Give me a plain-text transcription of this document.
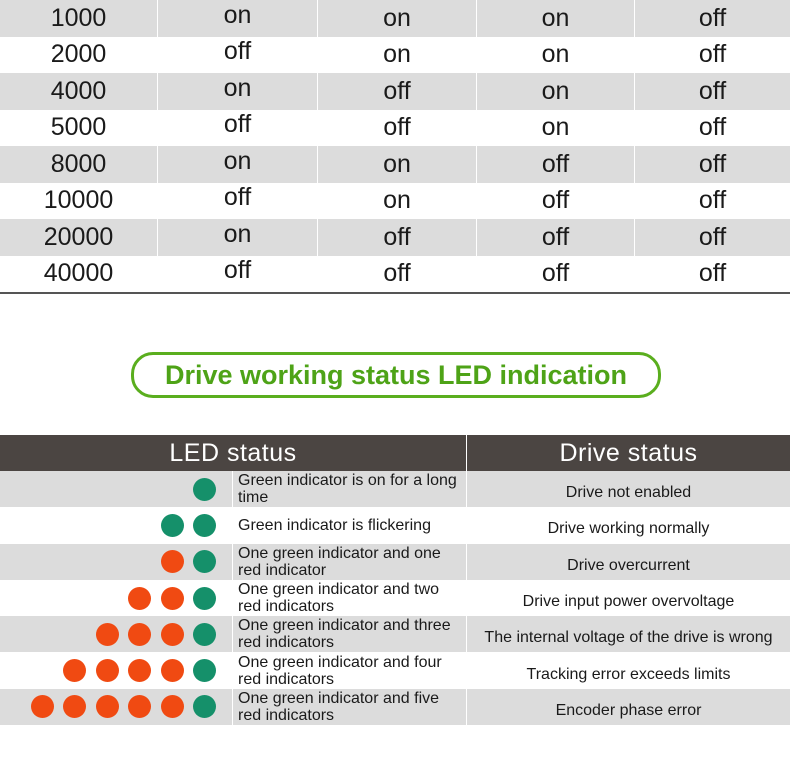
1000	on	on	on	off
2000	off	on	on	off
4000	on	off	on	off
5000	off	off	on	off
8000	on	on	off	off
10000	off	on	off	off
20000	on	off	off	off
40000	off	off	off	off
Drive working status LED indication
LED status	Drive status
Green indicator is on for a long time	Drive not enabled
Green indicator is flickering	Drive working normally
One green indicator and one red indicator	Drive overcurrent
One green indicator and two red indicators	Drive input power overvoltage
One green indicator and three red indicators	The internal voltage of the drive is wrong
One green indicator and four red indicators	Tracking error exceeds limits
One green indicator and five red indicators	Encoder phase error
